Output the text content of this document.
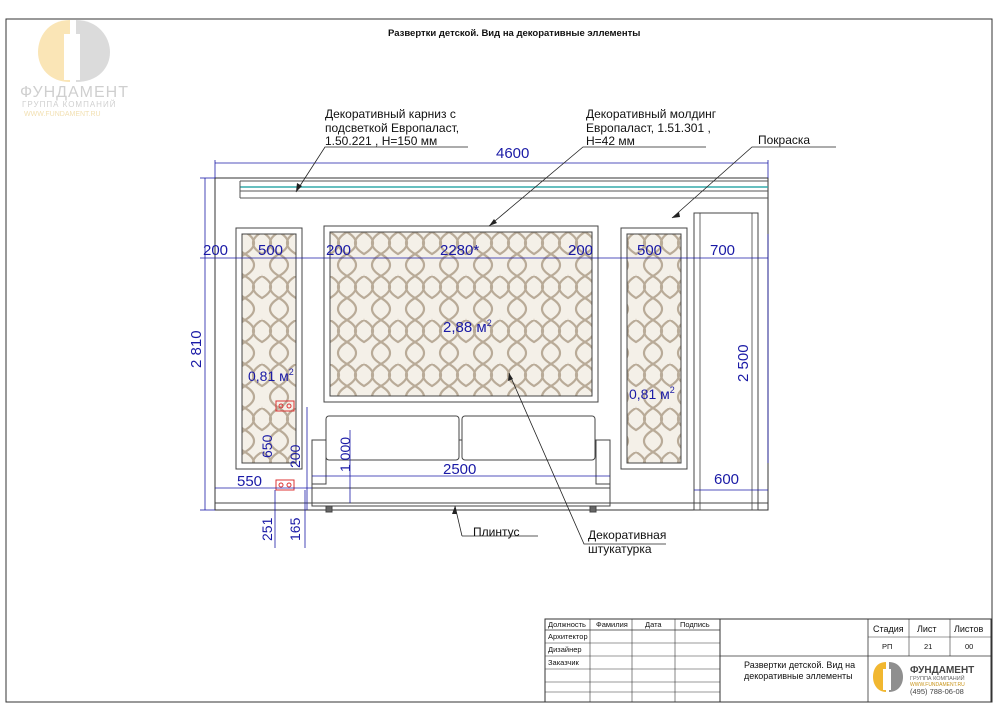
ФУНДАМЕНТ
ГРУППА КОМПАНИЙ
WWW.FUNDAMENT.RU
Развертки детской. Вид на декоративные эллементы
4600
200 500	200	2280*	200	500	700
2 810	2 500
2,88 $м^2$
0,81 $м^2$
0,81 $м^2$
650 200 1 000
550
2500
600
251 165
Декоративный карниз с подсветкой Европаласт, 1.50.221 , Н=150 мм
Декоративный молдинг Европаласт, 1.51.301 , Н=42 мм	Покраска
Плинтус	Декоративная штукатурка
Должность Фамилия Дата Подпись
Архитектор
Дизайнер
Заказчик	Развертки детской. Вид на декоративные эллементы
Стадия Лист Листов
РП	21	00
ФУНДАМЕНТ
ГРУППА КОМПАНИЙ
WWW.FUNDAMENT.RU
(495) 788-06-08
